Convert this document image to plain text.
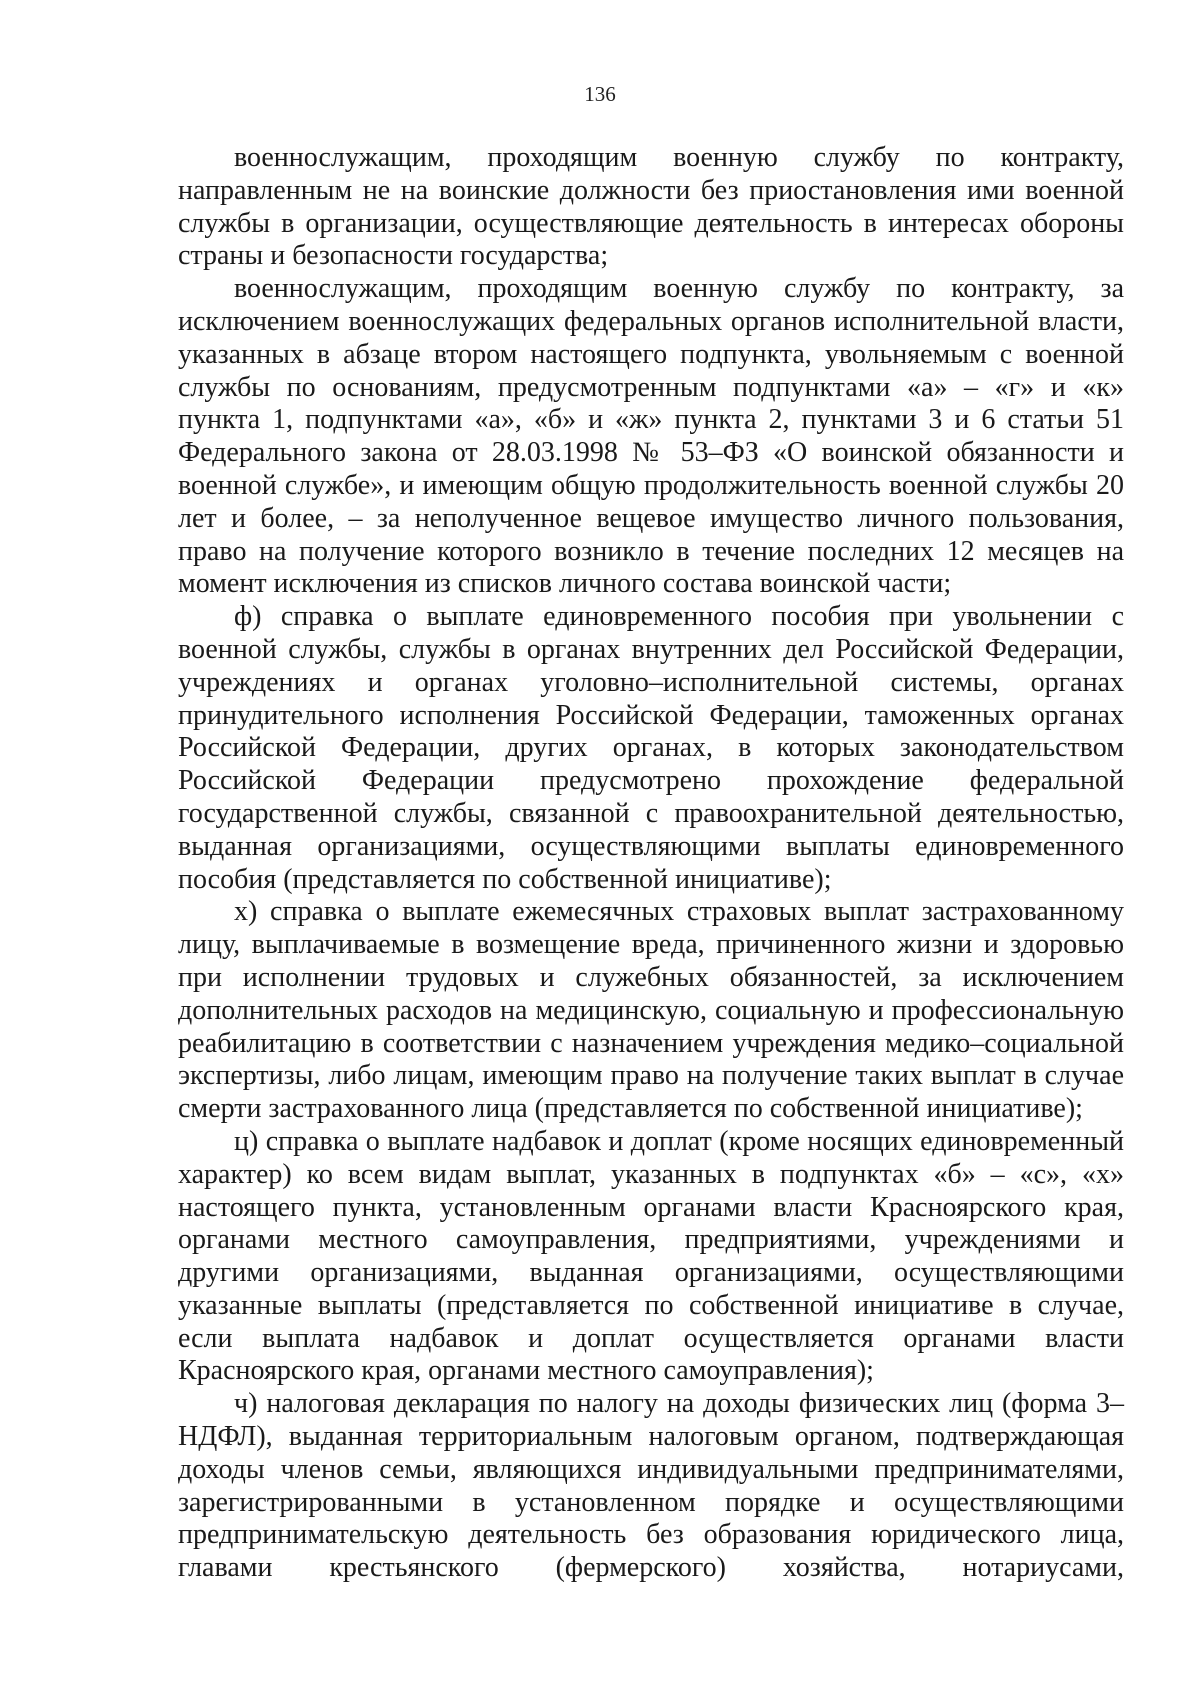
136

военнослужащим, проходящим военную службу по контракту, направленным не на воинские должности без приостановления ими военной службы в организации, осуществляющие деятельность в интересах обороны страны и безопасности государства;

военнослужащим, проходящим военную службу по контракту, за исключением военнослужащих федеральных органов исполнительной власти, указанных в абзаце втором настоящего подпункта, увольняемым с военной службы по основаниям, предусмотренным подпунктами «а» – «г» и «к» пункта 1, подпунктами «а», «б» и «ж» пункта 2, пунктами 3 и 6 статьи 51 Федерального закона от 28.03.1998 № 53–ФЗ «О воинской обязанности и военной службе», и имеющим общую продолжительность военной службы 20 лет и более, – за неполученное вещевое имущество личного пользования, право на получение которого возникло в течение последних 12 месяцев на момент исключения из списков личного состава воинской части;

ф) справка о выплате единовременного пособия при увольнении с военной службы, службы в органах внутренних дел Российской Федерации, учреждениях и органах уголовно–исполнительной системы, органах принудительного исполнения Российской Федерации, таможенных органах Российской Федерации, других органах, в которых законодательством Российской Федерации предусмотрено прохождение федеральной государственной службы, связанной с правоохранительной деятельностью, выданная организациями, осуществляющими выплаты единовременного пособия (представляется по собственной инициативе);

х) справка о выплате ежемесячных страховых выплат застрахованному лицу, выплачиваемые в возмещение вреда, причиненного жизни и здоровью при исполнении трудовых и служебных обязанностей, за исключением дополнительных расходов на медицинскую, социальную и профессиональную реабилитацию в соответствии с назначением учреждения медико–социальной экспертизы, либо лицам, имеющим право на получение таких выплат в случае смерти застрахованного лица (представляется по собственной инициативе);

ц) справка о выплате надбавок и доплат (кроме носящих единовременный характер) ко всем видам выплат, указанных в подпунктах «б» – «с», «х» настоящего пункта, установленным органами власти Красноярского края, органами местного самоуправления, предприятиями, учреждениями и другими организациями, выданная организациями, осуществляющими указанные выплаты (представляется по собственной инициативе в случае, если выплата надбавок и доплат осуществляется органами власти Красноярского края, органами местного самоуправления);

ч) налоговая декларация по налогу на доходы физических лиц (форма 3–НДФЛ), выданная территориальным налоговым органом, подтверждающая доходы членов семьи, являющихся индивидуальными предпринимателями, зарегистрированными в установленном порядке и осуществляющими предпринимательскую деятельность без образования юридического лица, главами крестьянского (фермерского) хозяйства, нотариусами,
